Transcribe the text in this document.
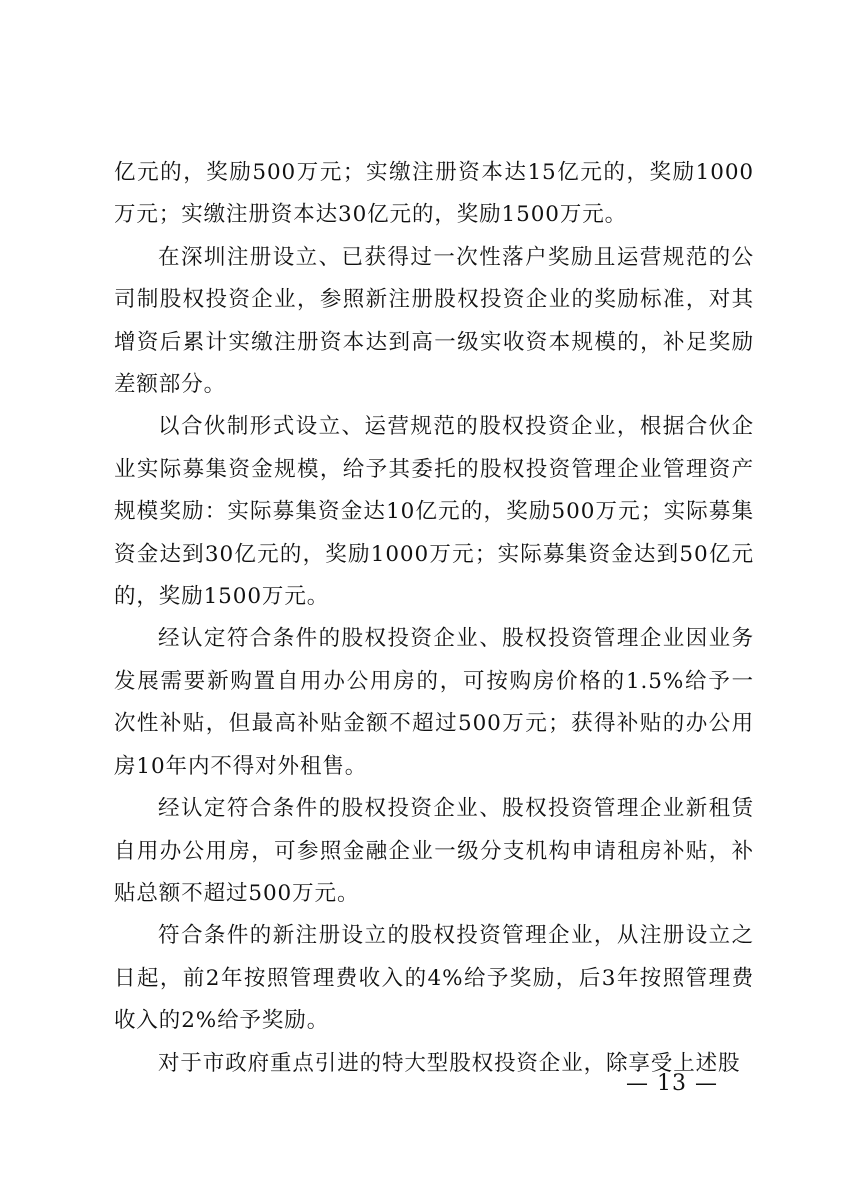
亿元的，奖励500万元；实缴注册资本达15亿元的，奖励1000万元；实缴注册资本达30亿元的，奖励1500万元。

在深圳注册设立、已获得过一次性落户奖励且运营规范的公司制股权投资企业，参照新注册股权投资企业的奖励标准，对其增资后累计实缴注册资本达到高一级实收资本规模的，补足奖励差额部分。

以合伙制形式设立、运营规范的股权投资企业，根据合伙企业实际募集资金规模，给予其委托的股权投资管理企业管理资产规模奖励：实际募集资金达10亿元的，奖励500万元；实际募集资金达到30亿元的，奖励1000万元；实际募集资金达到50亿元的，奖励1500万元。

经认定符合条件的股权投资企业、股权投资管理企业因业务发展需要新购置自用办公用房的，可按购房价格的1.5%给予一次性补贴，但最高补贴金额不超过500万元；获得补贴的办公用房10年内不得对外租售。

经认定符合条件的股权投资企业、股权投资管理企业新租赁自用办公用房，可参照金融企业一级分支机构申请租房补贴，补贴总额不超过500万元。

符合条件的新注册设立的股权投资管理企业，从注册设立之日起，前2年按照管理费收入的4%给予奖励，后3年按照管理费收入的2%给予奖励。

对于市政府重点引进的特大型股权投资企业，除享受上述股

— 13 —
